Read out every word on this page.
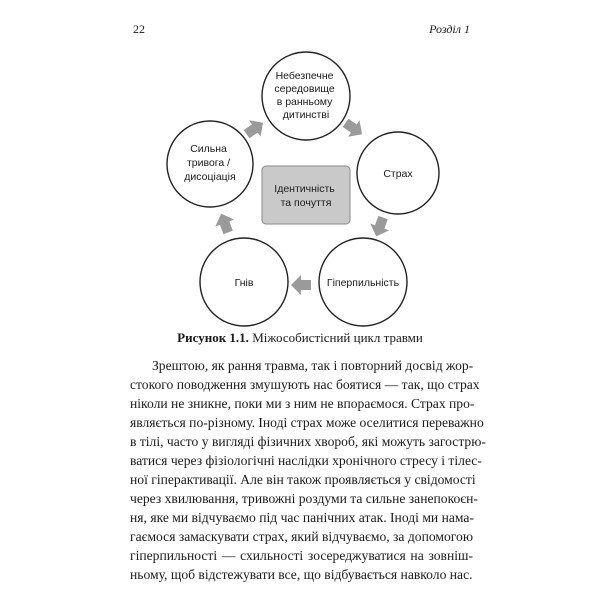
22	Розділ 1
Ідентичність та почуття
Небезпечне середовище в ранньому дитинстві
Страх
Гіперпильність
Гнів
Сильна тривога / дисоціація
Рисунок 1.1. Міжособистісний цикл травми
Зрештою, як рання травма, так і повторний досвід жор-
стокого поводження змушують нас боятися — так, що страх
ніколи не зникне, поки ми з ним не впораємося. Страх про-
являється по-різному. Іноді страх може оселитися переважно
в тілі, часто у вигляді фізичних хвороб, які можуть загострю-
ватися через фізіологічні наслідки хронічного стресу і тілес-
ної гіперактивації. Але він також проявляється у свідомості
через хвилювання, тривожні роздуми та сильне занепокоєн-
ня, яке ми відчуваємо під час панічних атак. Іноді ми нама-
гаємося замаскувати страх, який відчуваємо, за допомогою
гіперпильності — схильності зосереджуватися на зовніш-
ньому, щоб відстежувати все, що відбувається навколо нас.
